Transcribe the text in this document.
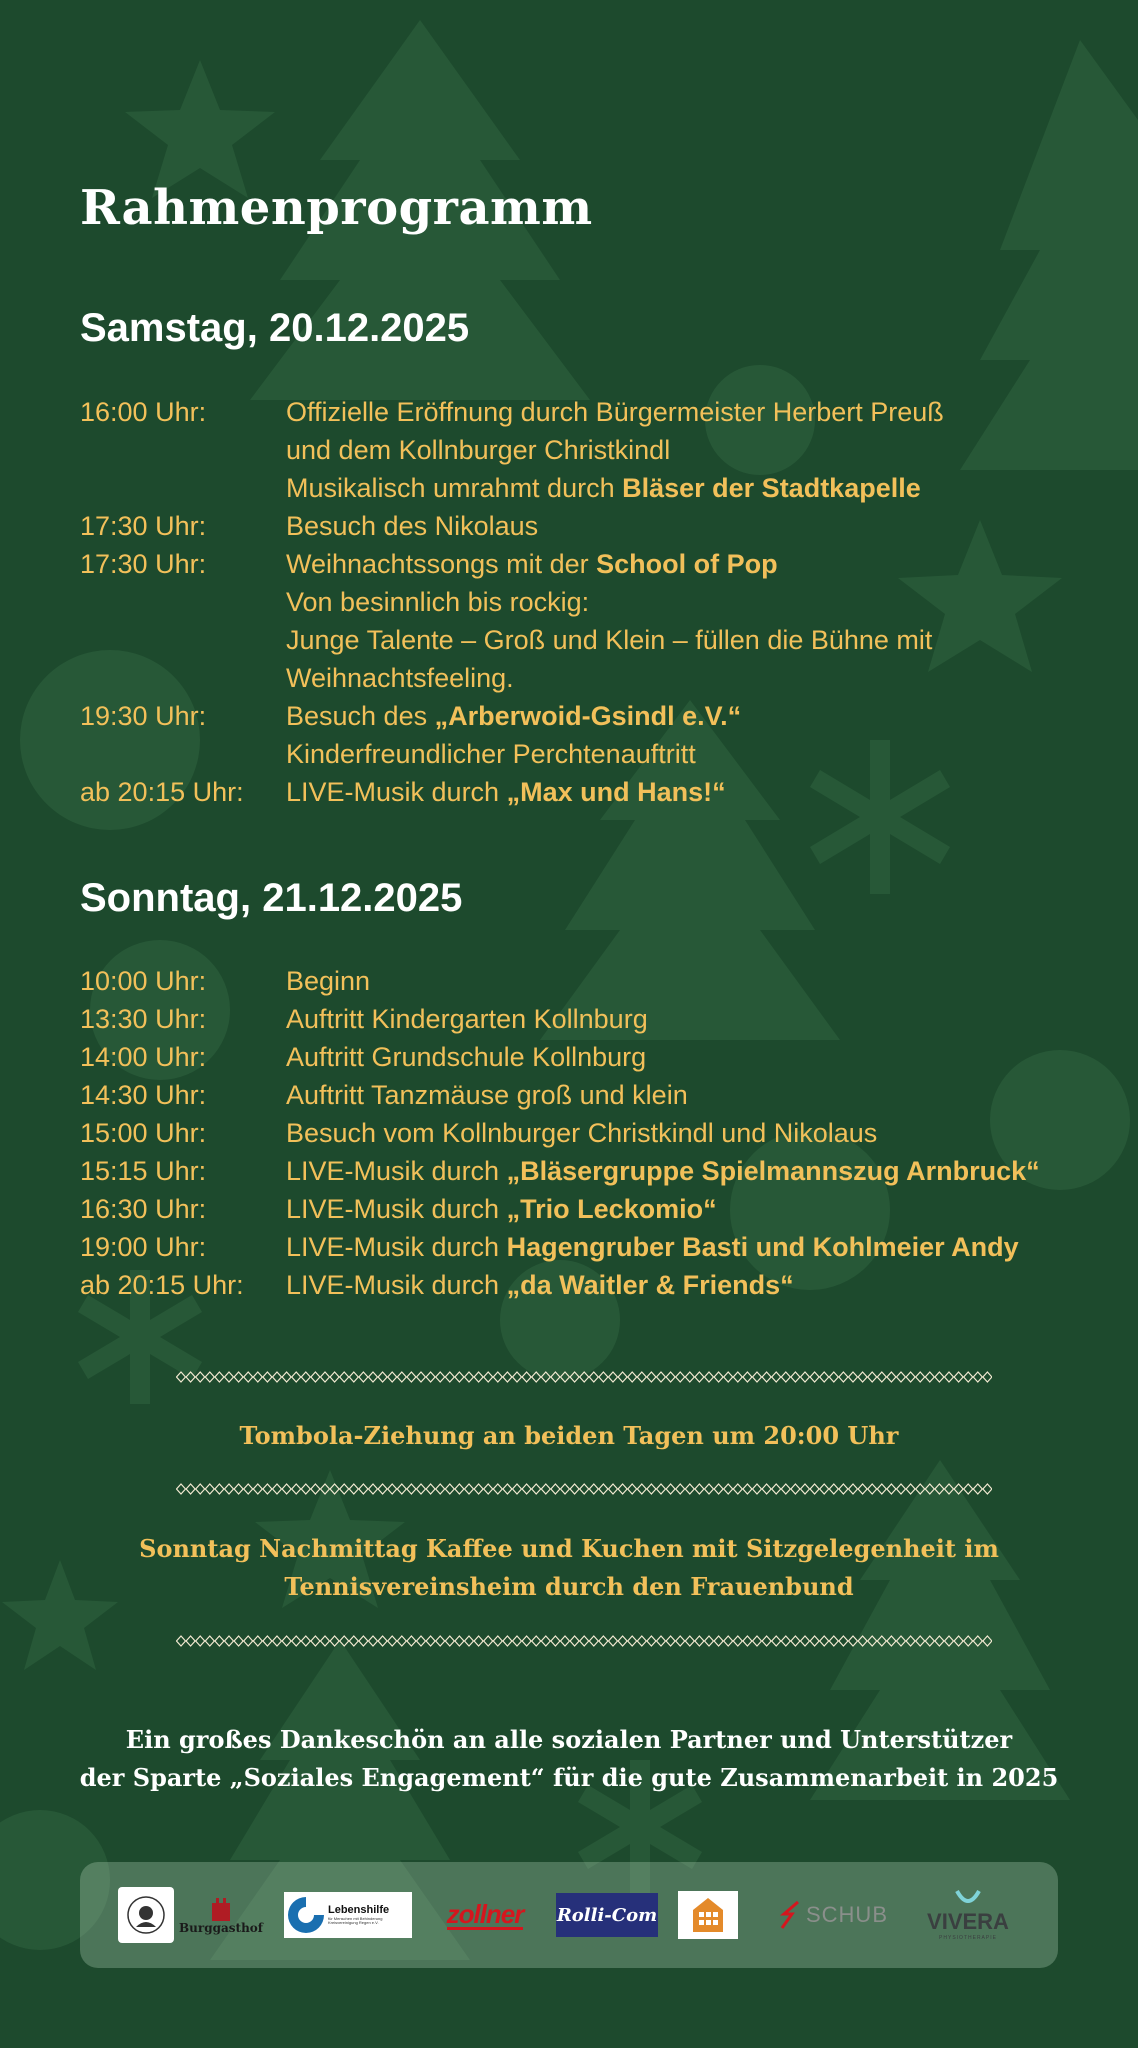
Rahmenprogramm
Samstag, 20.12.2025
16:00 Uhr:	Offizielle Eröffnung durch Bürgermeister Herbert Preuß
und dem Kollnburger Christkindl
Musikalisch umrahmt durch Bläser der Stadtkapelle
17:30 Uhr:	Besuch des Nikolaus
17:30 Uhr:	Weihnachtssongs mit der School of Pop
Von besinnlich bis rockig:
Junge Talente – Groß und Klein – füllen die Bühne mit
Weihnachtsfeeling.
19:30 Uhr:	Besuch des „Arberwoid-Gsindl e.V.“
Kinderfreundlicher Perchtenauftritt
ab 20:15 Uhr:	LIVE-Musik durch „Max und Hans!“
Sonntag, 21.12.2025
10:00 Uhr:	Beginn
13:30 Uhr:	Auftritt Kindergarten Kollnburg
14:00 Uhr:	Auftritt Grundschule Kollnburg
14:30 Uhr:	Auftritt Tanzmäuse groß und klein
15:00 Uhr:	Besuch vom Kollnburger Christkindl und Nikolaus
15:15 Uhr:	LIVE-Musik durch „Bläsergruppe Spielmannszug Arnbruck“
16:30 Uhr:	LIVE-Musik durch „Trio Leckomio“
19:00 Uhr:	LIVE-Musik durch Hagengruber Basti und Kohlmeier Andy
ab 20:15 Uhr:	LIVE-Musik durch „da Waitler & Friends“
Tombola-Ziehung an beiden Tagen um 20:00 Uhr
Sonntag Nachmittag Kaffee und Kuchen mit Sitzgelegenheit im
Tennisvereinsheim durch den Frauenbund
Ein großes Dankeschön an alle sozialen Partner und Unterstützer
der Sparte „Soziales Engagement“ für die gute Zusammenarbeit in 2025
Burggasthof
Lebenshilfe
für Menschen mit Behinderung Kreisvereinigung Regen e.V.	zollner Rolli-Com	SCHUB VIVERA
PHYSIOTHERAPIE
